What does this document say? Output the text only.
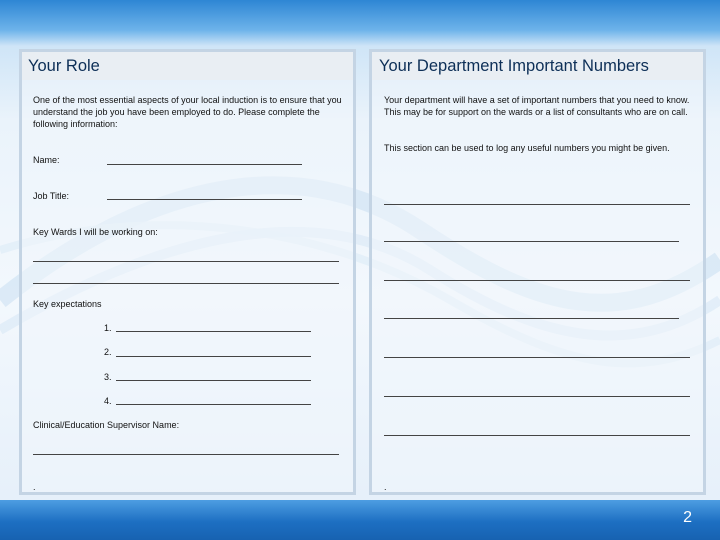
Your Role	Your Department Important Numbers
One of the most essential aspects of your local induction is to ensure that you understand the job you have been employed to do. Please complete the following information:
Name:
Job Title:
Key Wards I will be working on:
Key expectations
1.
2.
3.
4.
Clinical/Education Supervisor Name:
.
Your department will have a set of important numbers that you need to know. This may be for support on the wards or a list of consultants who are on call.
This section can be used to log any useful numbers you might be given.
.
2
